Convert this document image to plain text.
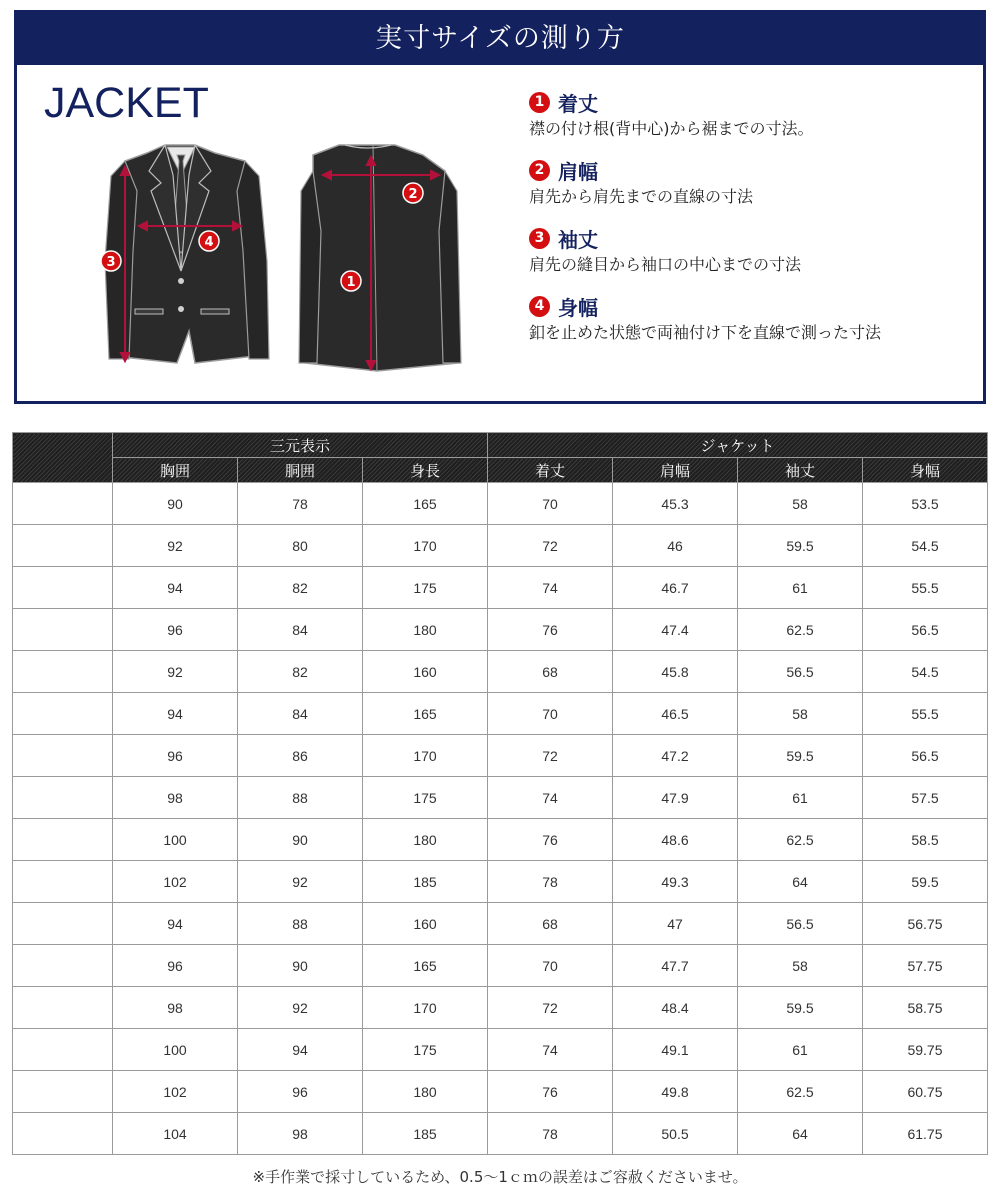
実寸サイズの測り方
JACKET
3
4
2
1
1 着丈
襟の付け根(背中心)から裾までの寸法。
2 肩幅
肩先から肩先までの直線の寸法
3 袖丈
肩先の縫目から袖口の中心までの寸法
4 身幅
釦を止めた状態で両袖付け下を直線で測った寸法
	三元表示			ジャケット			
	胸囲	胴囲	身長	着丈	肩幅	袖丈	身幅
A4	90	78	165	70	45.3	58	53.5
A5	92	80	170	72	46	59.5	54.5
A6	94	82	175	74	46.7	61	55.5
A7	96	84	180	76	47.4	62.5	56.5
AB3	92	82	160	68	45.8	56.5	54.5
AB4	94	84	165	70	46.5	58	55.5
AB5	96	86	170	72	47.2	59.5	56.5
AB6	98	88	175	74	47.9	61	57.5
AB7	100	90	180	76	48.6	62.5	58.5
AB8	102	92	185	78	49.3	64	59.5
BB3	94	88	160	68	47	56.5	56.75
BB4	96	90	165	70	47.7	58	57.75
BB5	98	92	170	72	48.4	59.5	58.75
BB6	100	94	175	74	49.1	61	59.75
BB7	102	96	180	76	49.8	62.5	60.75
BB8	104	98	185	78	50.5	64	61.75
※手作業で採寸しているため、0.5〜1ｃｍの誤差はご容赦くださいませ。
